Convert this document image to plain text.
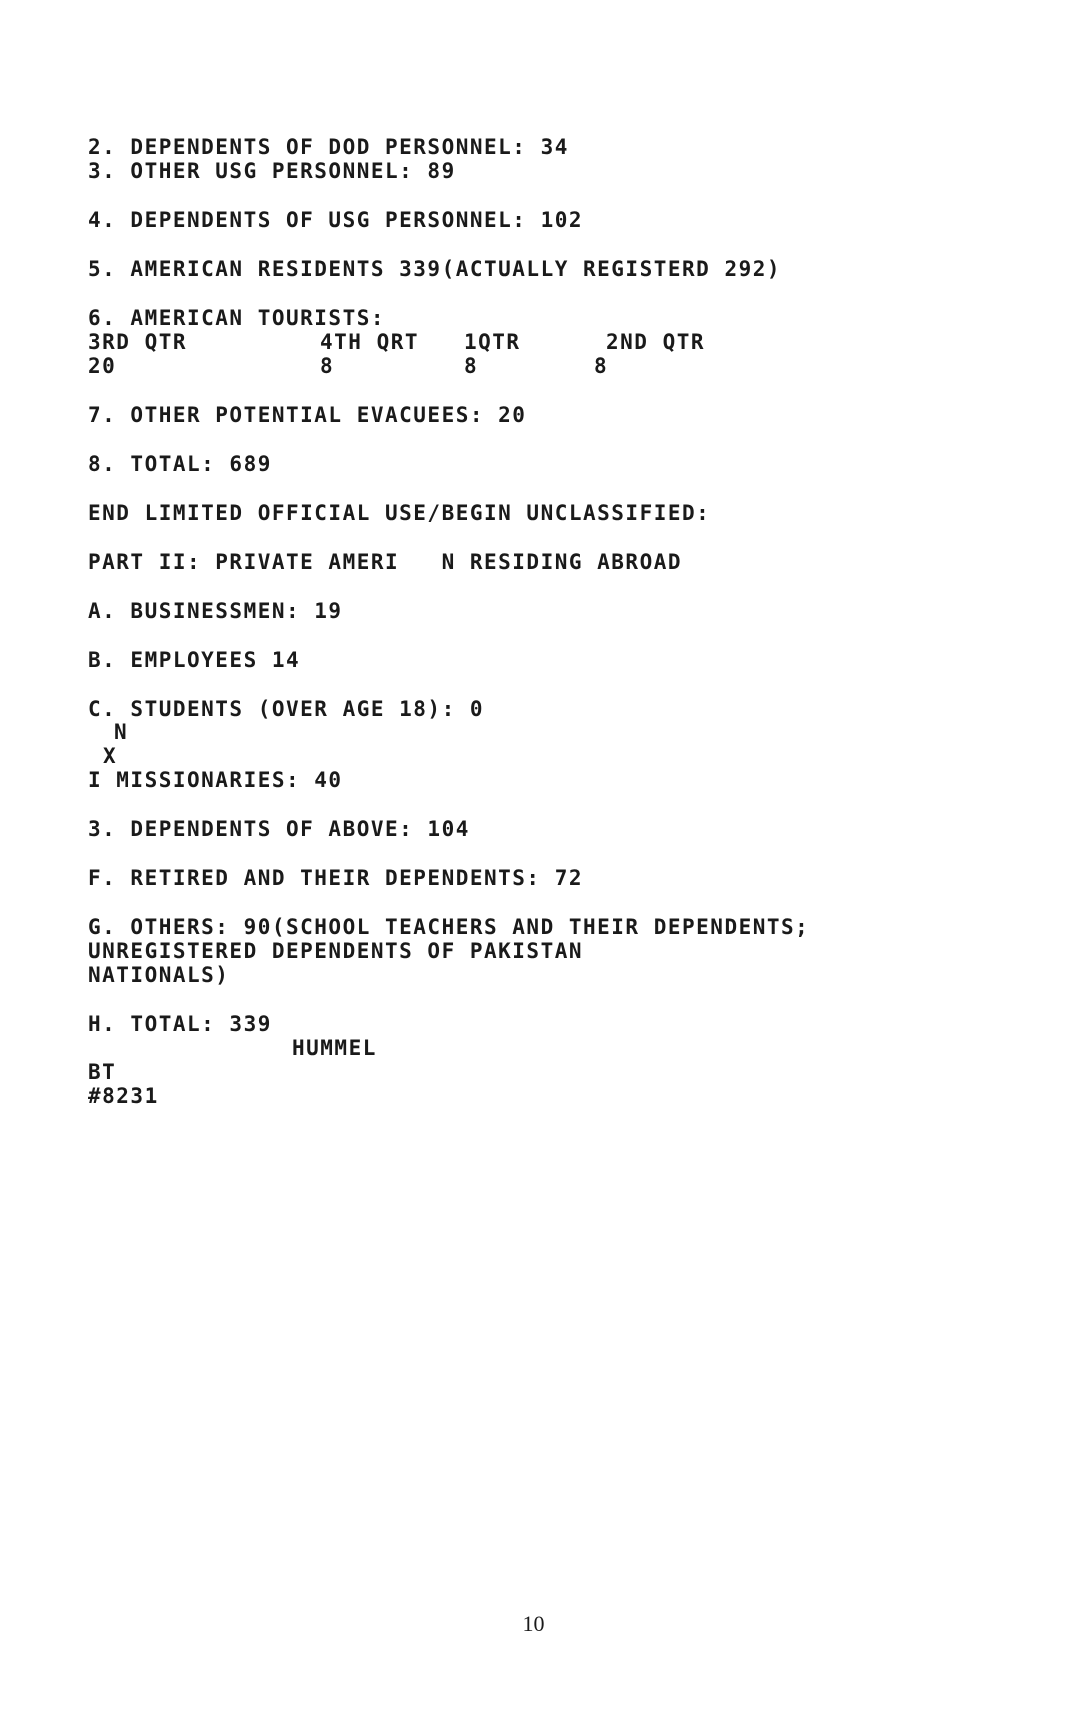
2. DEPENDENTS OF DOD PERSONNEL: 34
3. OTHER USG PERSONNEL: 89
4. DEPENDENTS OF USG PERSONNEL: 102
5. AMERICAN RESIDENTS 339(ACTUALLY REGISTERD 292)
6. AMERICAN TOURISTS:
3RD QTR	4TH QRT 1QTR	2ND QTR
20	8	8	8
7. OTHER POTENTIAL EVACUEES: 20
8. TOTAL: 689
END LIMITED OFFICIAL USE/BEGIN UNCLASSIFIED:
PART II: PRIVATE AMERI   N RESIDING ABROAD
A. BUSINESSMEN: 19
B. EMPLOYEES 14
C. STUDENTS (OVER AGE 18): 0
N
X
I MISSIONARIES: 40
3. DEPENDENTS OF ABOVE: 104
F. RETIRED AND THEIR DEPENDENTS: 72
G. OTHERS: 90(SCHOOL TEACHERS AND THEIR DEPENDENTS;
UNREGISTERED DEPENDENTS OF PAKISTAN
NATIONALS)
H. TOTAL: 339
HUMMEL
BT
#8231
10
